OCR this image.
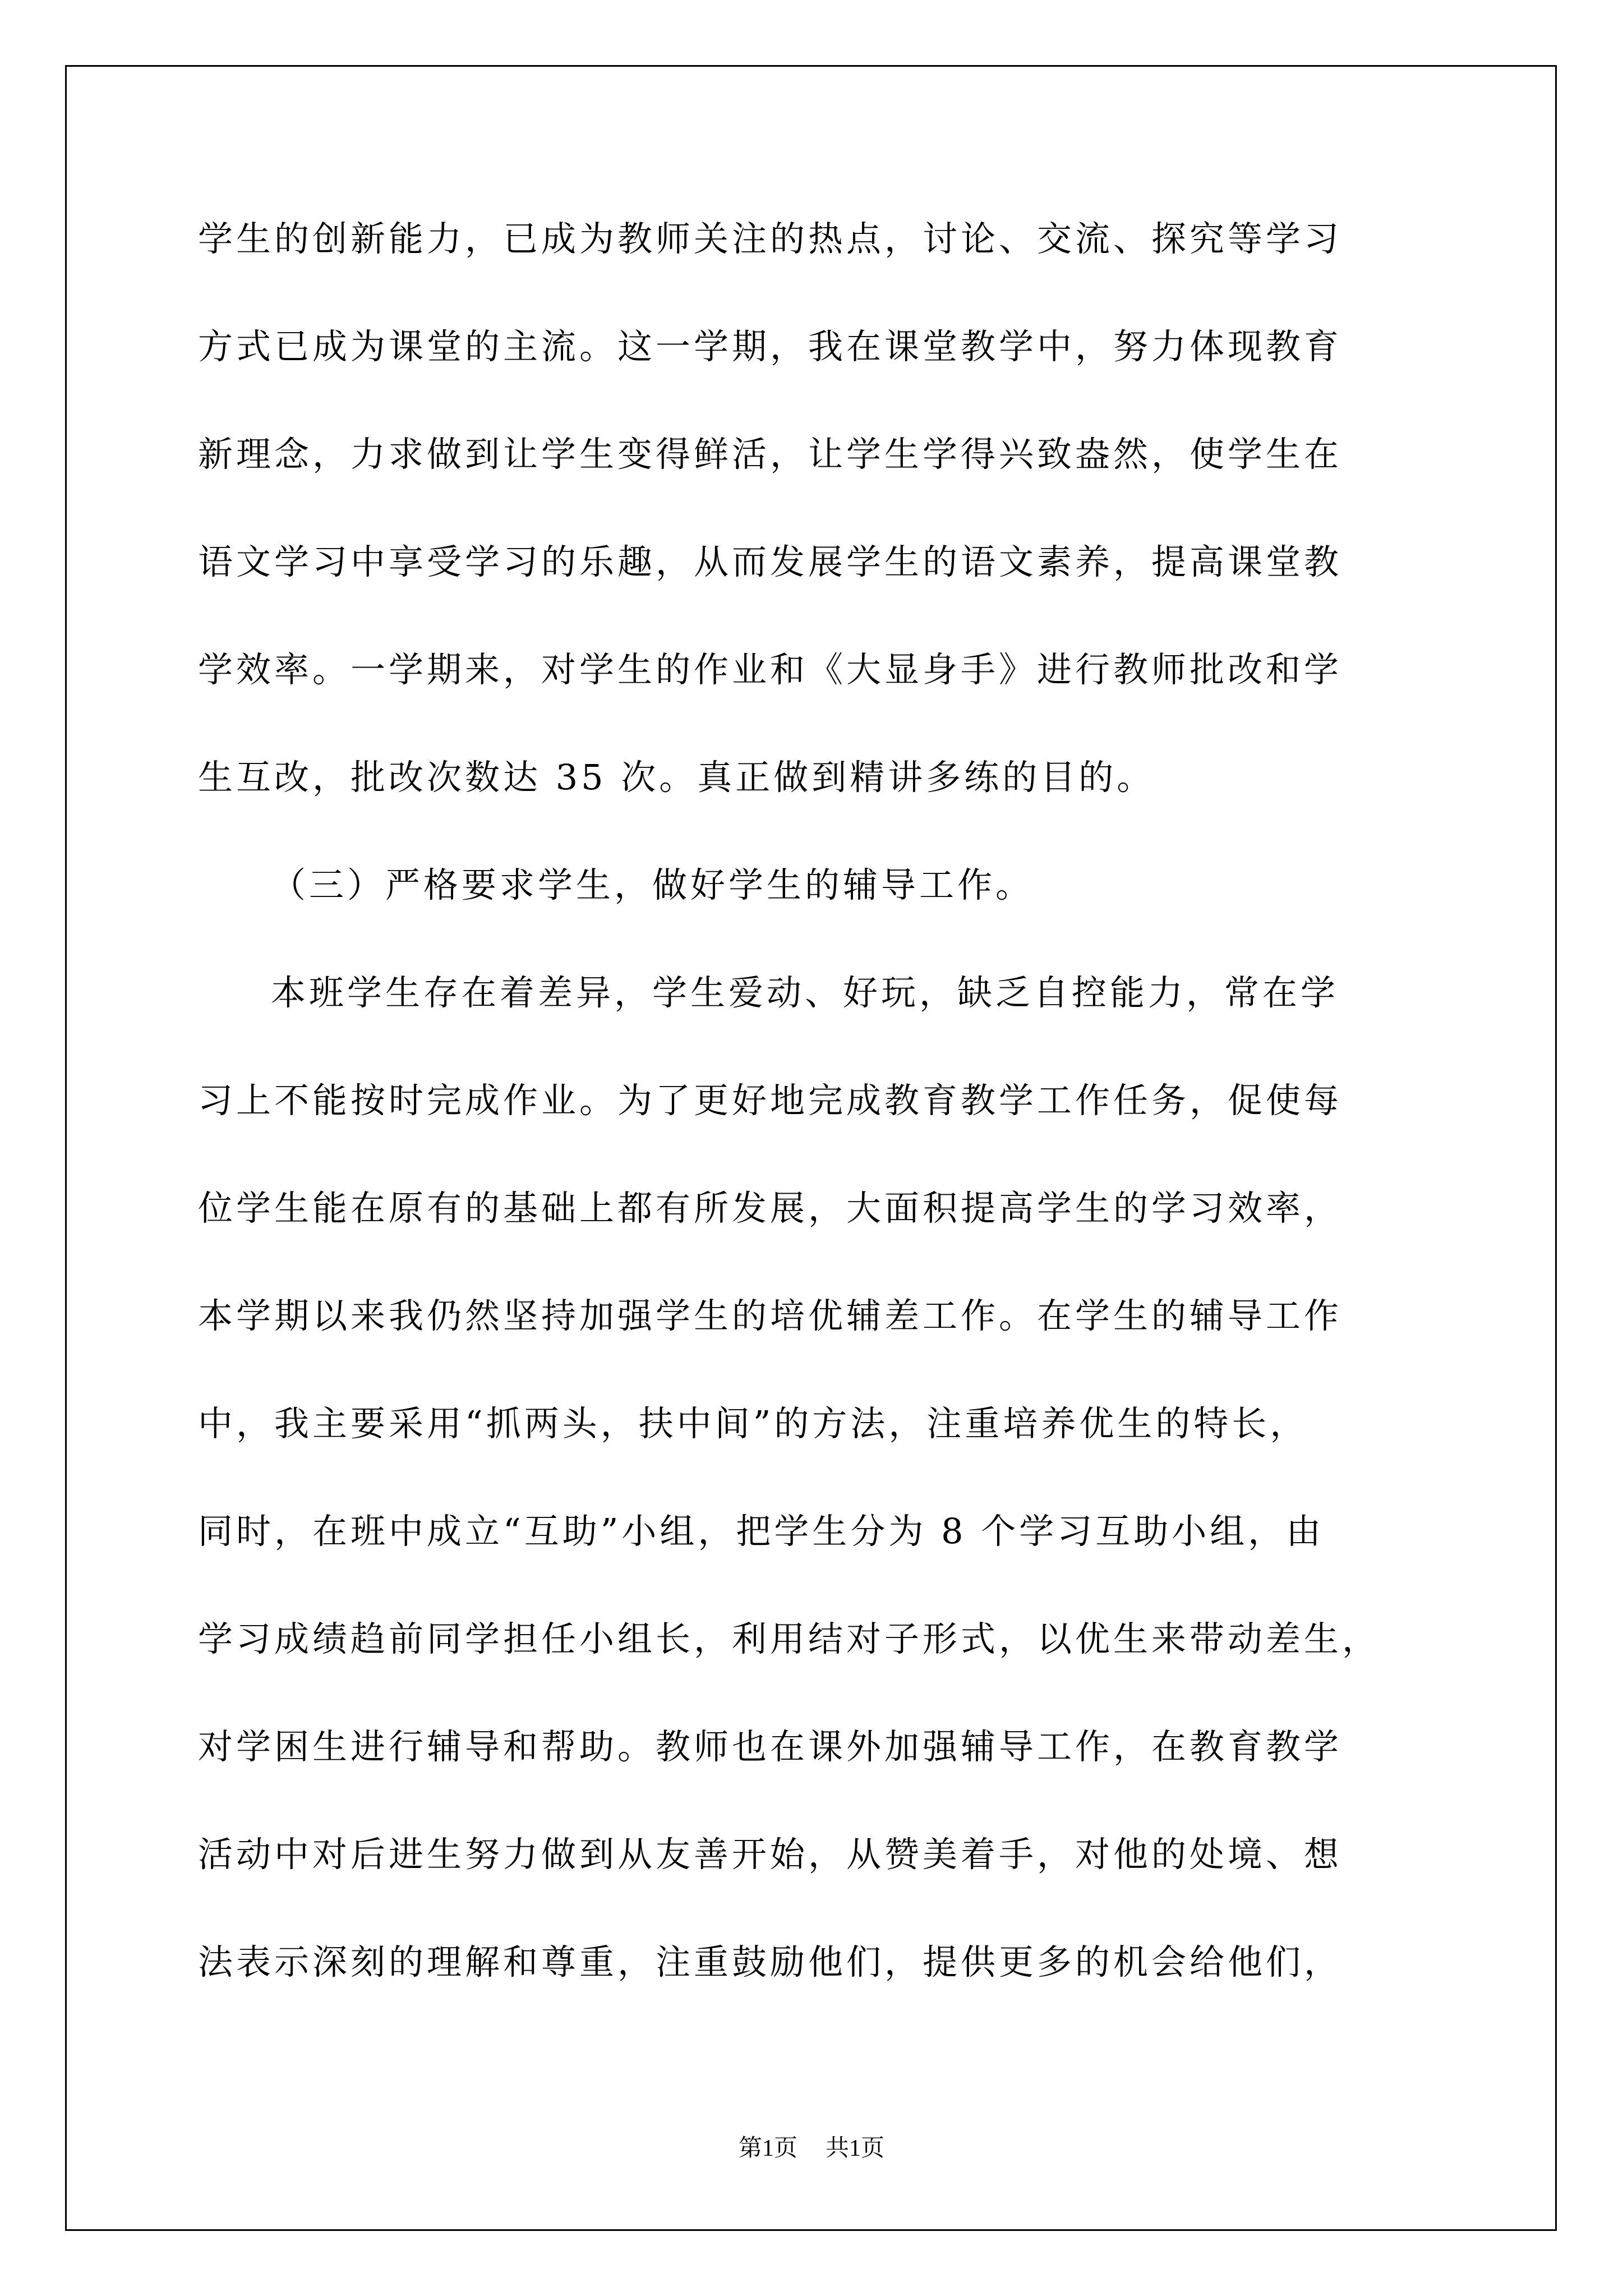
学生的创新能力，已成为教师关注的热点，讨论、交流、探究等学习
方式已成为课堂的主流。这一学期，我在课堂教学中，努力体现教育
新理念，力求做到让学生变得鲜活，让学生学得兴致盎然，使学生在
语文学习中享受学习的乐趣，从而发展学生的语文素养，提高课堂教
学效率。一学期来，对学生的作业和《大显身手》进行教师批改和学
生互改，批改次数达 35 次。真正做到精讲多练的目的。
（三）严格要求学生，做好学生的辅导工作。
本班学生存在着差异，学生爱动、好玩，缺乏自控能力，常在学
习上不能按时完成作业。为了更好地完成教育教学工作任务，促使每
位学生能在原有的基础上都有所发展，大面积提高学生的学习效率，
本学期以来我仍然坚持加强学生的培优辅差工作。在学生的辅导工作
中，我主要采用“抓两头，扶中间”的方法，注重培养优生的特长，
同时，在班中成立“互助”小组，把学生分为 8 个学习互助小组，由
学习成绩趋前同学担任小组长，利用结对子形式，以优生来带动差生，
对学困生进行辅导和帮助。教师也在课外加强辅导工作，在教育教学
活动中对后进生努力做到从友善开始，从赞美着手，对他的处境、想
法表示深刻的理解和尊重，注重鼓励他们，提供更多的机会给他们，
第1页 共1页
